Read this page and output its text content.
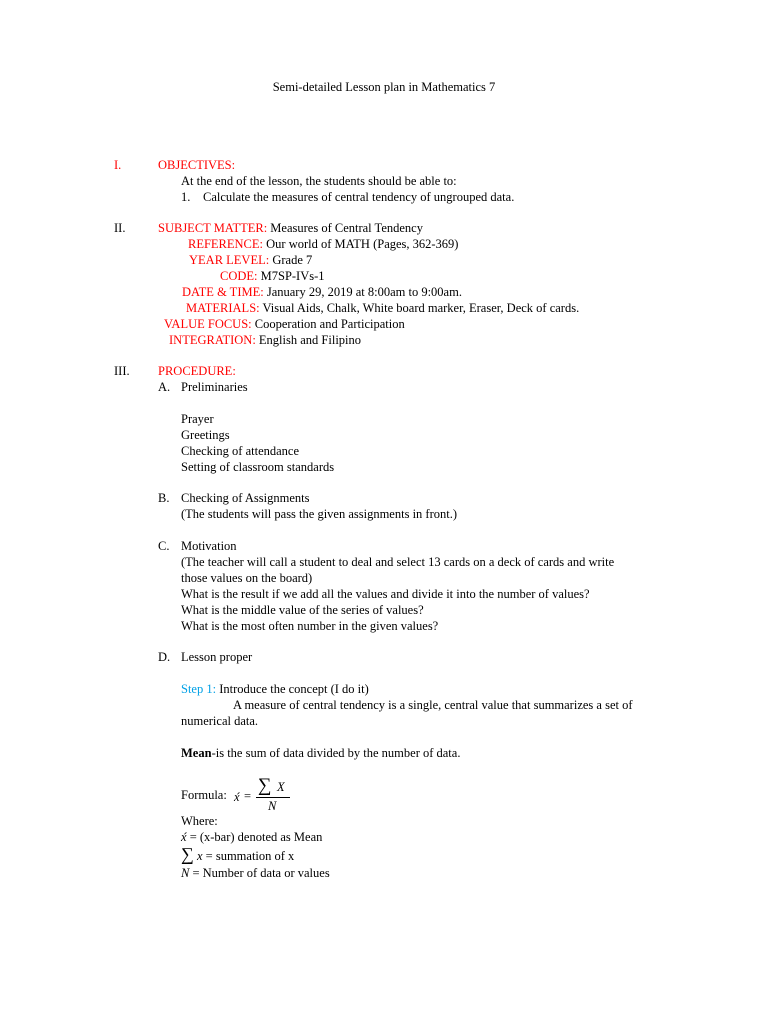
Semi-detailed Lesson plan in Mathematics 7
I.	OBJECTIVES:
At the end of the lesson, the students should be able to:
1. Calculate the measures of central tendency of ungrouped data.
II.	SUBJECT MATTER: Measures of Central Tendency
REFERENCE: Our world of MATH (Pages, 362-369)
YEAR LEVEL: Grade 7
CODE: M7SP-IVs-1
DATE & TIME: January 29, 2019 at 8:00am to 9:00am.
MATERIALS: Visual Aids, Chalk, White board marker, Eraser, Deck of cards.
VALUE FOCUS: Cooperation and Participation
INTEGRATION: English and Filipino
III. PROCEDURE:
A. Preliminaries
Prayer
Greetings
Checking of attendance
Setting of classroom standards
B. Checking of Assignments
(The students will pass the given assignments in front.)
C. Motivation
(The teacher will call a student to deal and select 13 cards on a deck of cards and write
those values on the board)
What is the result if we add all the values and divide it into the number of values?
What is the middle value of the series of values?
What is the most often number in the given values?
D. Lesson proper
Step 1: Introduce the concept (I do it)
A measure of central tendency is a single, central value that summarizes a set of
numerical data.
Mean-is the sum of data divided by the number of data.
Formula: x́ = ∑ X
N
Where:
x́ = (x-bar) denoted as Mean
∑ x = summation of x
N = Number of data or values
